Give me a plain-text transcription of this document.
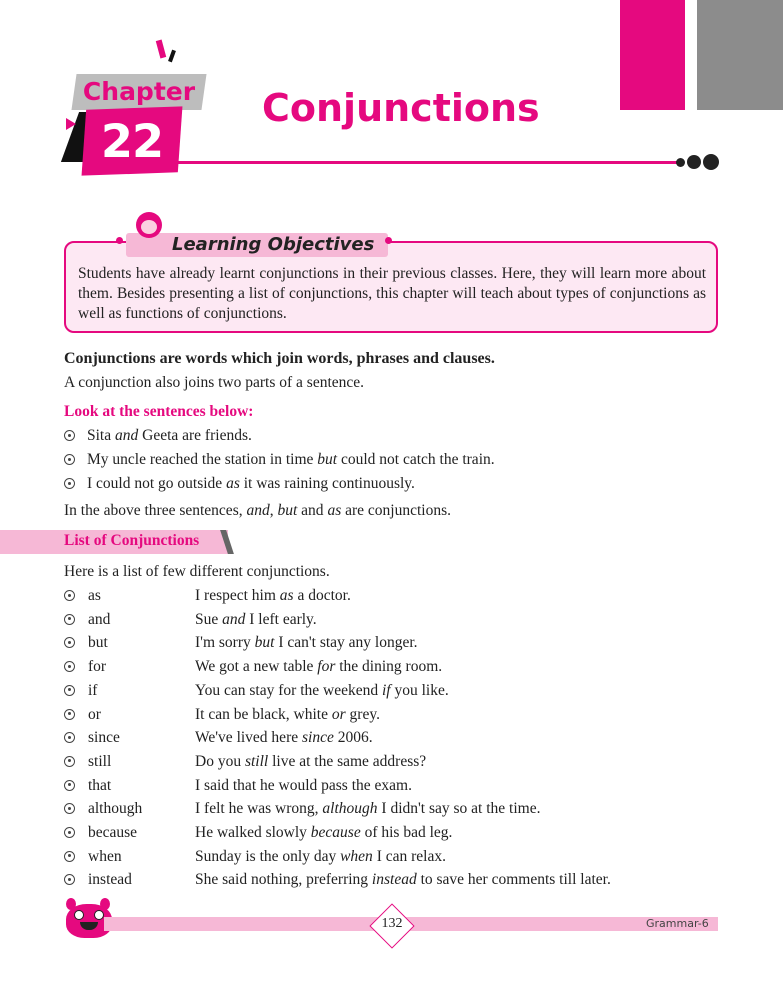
Chapter
22
Conjunctions
Learning Objectives

Students have already learnt conjunctions in their previous classes. Here, they will learn more about them. Besides presenting a list of conjunctions, this chapter will teach about types of conjunctions as well as functions of conjunctions.

Conjunctions are words which join words, phrases and clauses.

A conjunction also joins two parts of a sentence.

Look at the sentences below:

Sita and Geeta are friends.
My uncle reached the station in time but could not catch the train.
I could not go outside as it was raining continuously.

In the above three sentences, and, but and as are conjunctions.

List of Conjunctions

Here is a list of few different conjunctions.

as	I respect him as a doctor.
and	Sue and I left early.
but	I'm sorry but I can't stay any longer.
for	We got a new table for the dining room.
if	You can stay for the weekend if you like.
or	It can be black, white or grey.
since	We've lived here since 2006.
still	Do you still live at the same address?
that	I said that he would pass the exam.
although	I felt he was wrong, although I didn't say so at the time.
because	He walked slowly because of his bad leg.
when	Sunday is the only day when I can relax.
instead	She said nothing, preferring instead to save her comments till later.
132	Grammar-6
